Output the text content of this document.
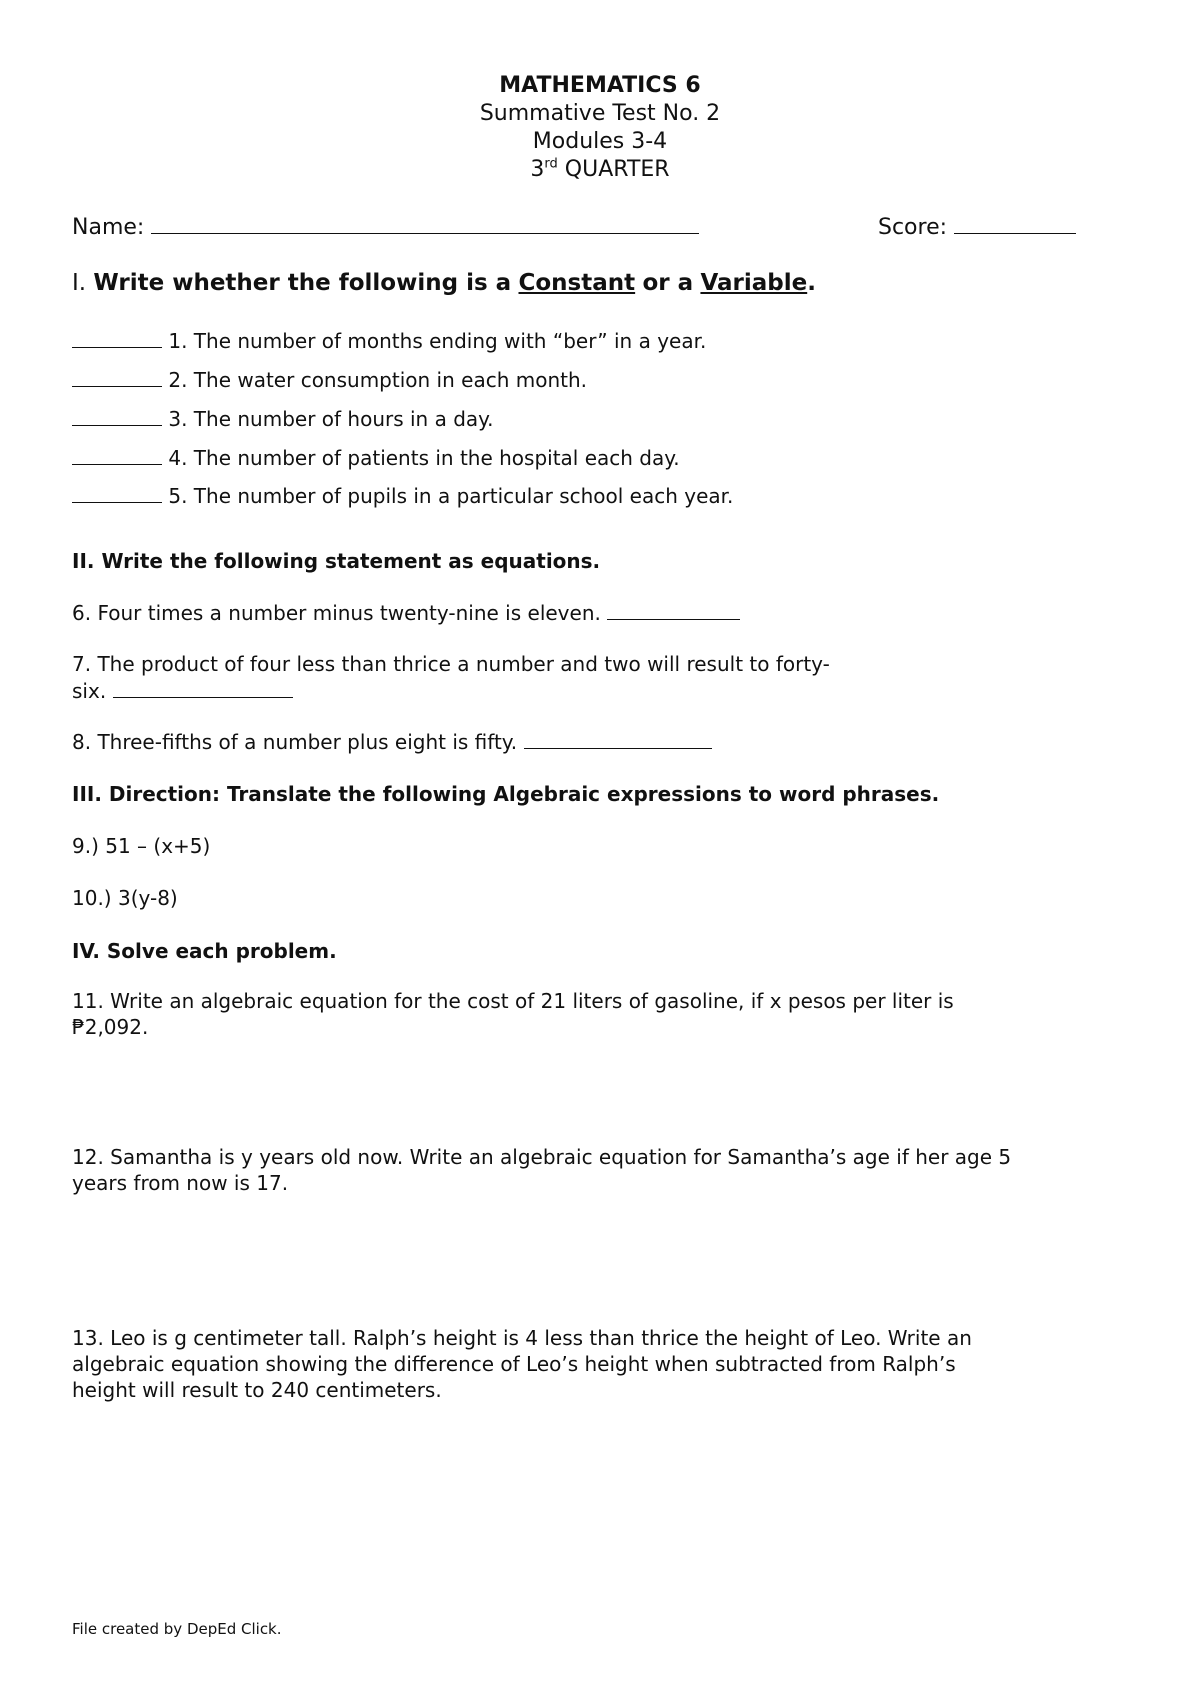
MATHEMATICS 6
Summative Test No. 2
Modules 3-4
3rd QUARTER
Name:	Score:
I. Write whether the following is a Constant or a Variable.
1. The number of months ending with “ber” in a year.
2. The water consumption in each month.
3. The number of hours in a day.
4. The number of patients in the hospital each day.
5. The number of pupils in a particular school each year.
II. Write the following statement as equations.
6. Four times a number minus twenty-nine is eleven.
7. The product of four less than thrice a number and two will result to forty-
six.
8. Three-fifths of a number plus eight is fifty.
III. Direction: Translate the following Algebraic expressions to word phrases.
9.) 51 – (x+5)
10.) 3(y-8)
IV. Solve each problem.
11. Write an algebraic equation for the cost of 21 liters of gasoline, if x pesos per liter is
₱2,092.
12. Samantha is y years old now. Write an algebraic equation for Samantha’s age if her age 5
years from now is 17.
13. Leo is g centimeter tall. Ralph’s height is 4 less than thrice the height of Leo. Write an
algebraic equation showing the difference of Leo’s height when subtracted from Ralph’s
height will result to 240 centimeters.
File created by DepEd Click.
